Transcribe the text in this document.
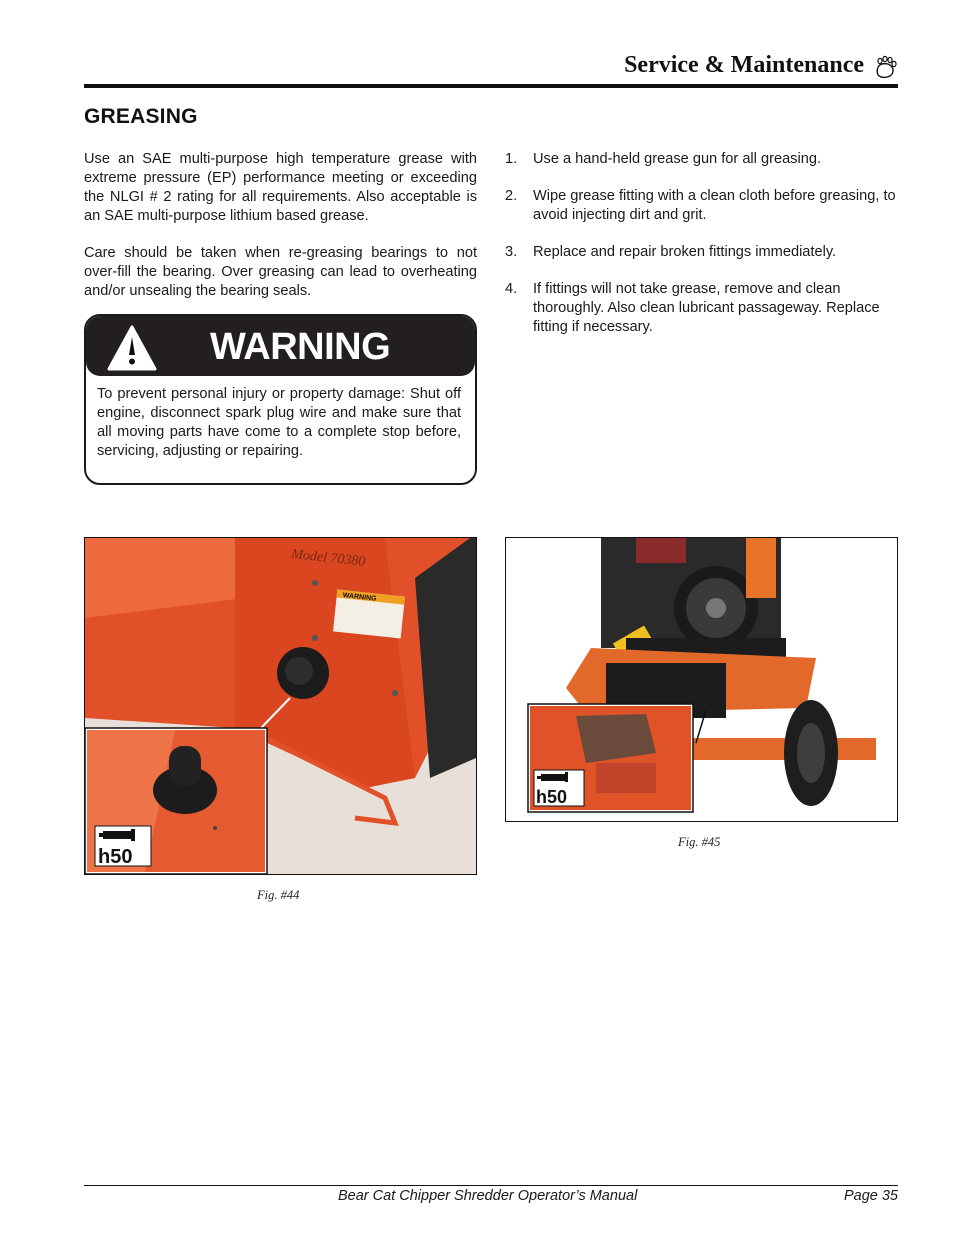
Service & Maintenance
GREASING

Use an SAE multi-purpose high temperature grease with extreme pressure (EP) performance meeting or exceeding the NLGI # 2 rating for all requirements. Also acceptable is an SAE multi-purpose lithium based grease.

Care should be taken when re-greasing bearings to not over-fill the bearing. Over greasing can lead to overheating and/or unsealing the bearing seals.

WARNING

To prevent personal injury or property damage: Shut off engine, disconnect spark plug wire and make sure that all moving parts have come to a complete stop before, servicing, adjusting or repairing.

1. Use a hand-held grease gun for all greasing.
2. Wipe grease fitting with a clean cloth before greasing, to avoid injecting dirt and grit.
3. Replace and repair broken fittings immediately.
4. If fittings will not take grease, remove and clean thoroughly. Also clean lubricant passageway. Replace fitting if necessary.
Model 70380
WARNING
h50
Fig. #44
h50
Fig. #45
Bear Cat Chipper Shredder Operator’s Manual	Page 35
